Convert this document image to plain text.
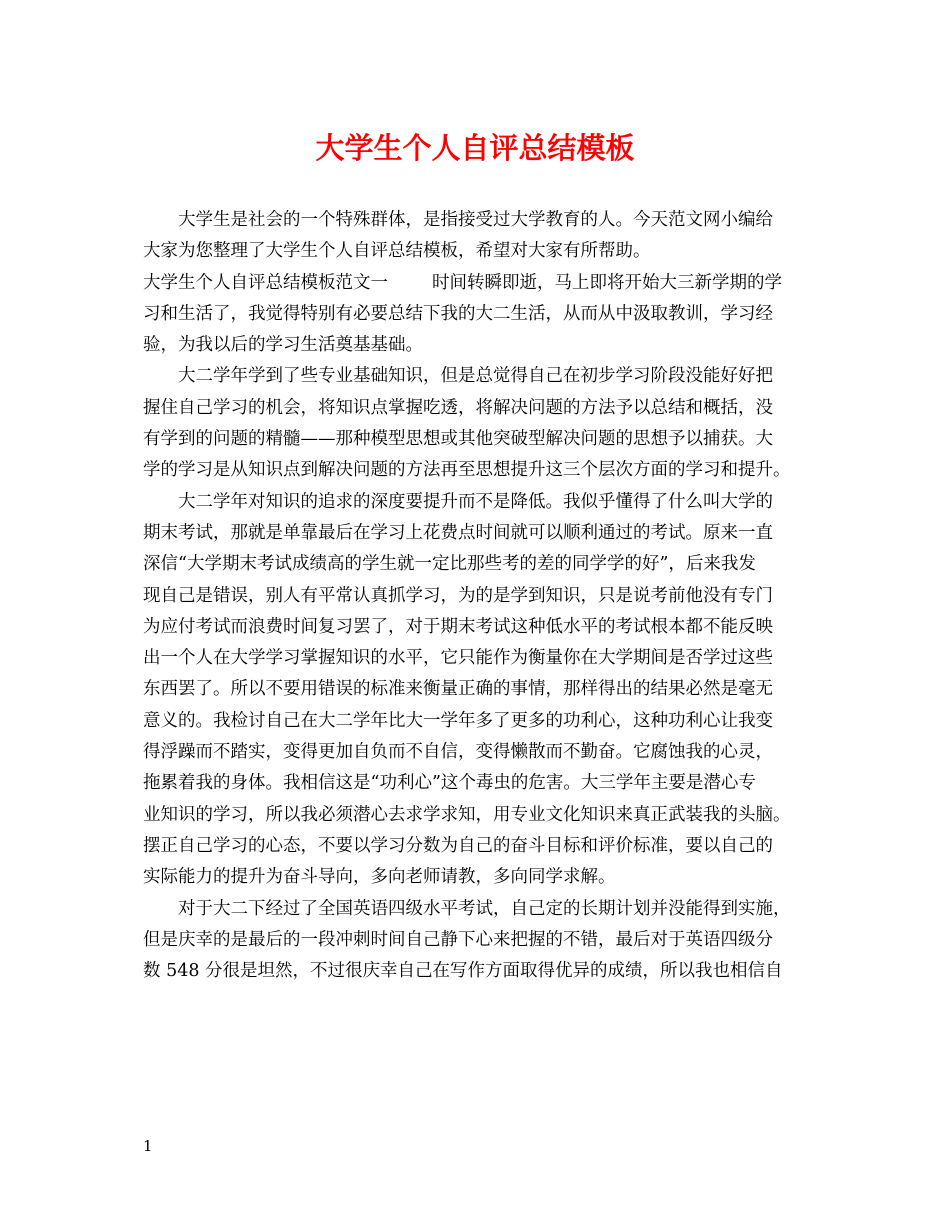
大学生个人自评总结模板
大学生是社会的一个特殊群体，是指接受过大学教育的人。今天范文网小编给
大家为您整理了大学生个人自评总结模板，希望对大家有所帮助。
大学生个人自评总结模板范文一	时间转瞬即逝，马上即将开始大三新学期的学
习和生活了，我觉得特别有必要总结下我的大二生活，从而从中汲取教训，学习经
验，为我以后的学习生活奠基基础。
大二学年学到了些专业基础知识，但是总觉得自己在初步学习阶段没能好好把
握住自己学习的机会，将知识点掌握吃透，将解决问题的方法予以总结和概括，没
有学到的问题的精髓——那种模型思想或其他突破型解决问题的思想予以捕获。大
学的学习是从知识点到解决问题的方法再至思想提升这三个层次方面的学习和提升。
大二学年对知识的追求的深度要提升而不是降低。我似乎懂得了什么叫大学的
期末考试，那就是单靠最后在学习上花费点时间就可以顺利通过的考试。原来一直
深信“大学期末考试成绩高的学生就一定比那些考的差的同学学的好”，后来我发
现自己是错误，别人有平常认真抓学习，为的是学到知识，只是说考前他没有专门
为应付考试而浪费时间复习罢了，对于期末考试这种低水平的考试根本都不能反映
出一个人在大学学习掌握知识的水平，它只能作为衡量你在大学期间是否学过这些
东西罢了。所以不要用错误的标准来衡量正确的事情，那样得出的结果必然是毫无
意义的。我检讨自己在大二学年比大一学年多了更多的功利心，这种功利心让我变
得浮躁而不踏实，变得更加自负而不自信，变得懒散而不勤奋。它腐蚀我的心灵，
拖累着我的身体。我相信这是“功利心”这个毒虫的危害。大三学年主要是潜心专
业知识的学习，所以我必须潜心去求学求知，用专业文化知识来真正武装我的头脑。
摆正自己学习的心态，不要以学习分数为自己的奋斗目标和评价标准，要以自己的
实际能力的提升为奋斗导向，多向老师请教，多向同学求解。
对于大二下经过了全国英语四级水平考试，自己定的长期计划并没能得到实施，
但是庆幸的是最后的一段冲刺时间自己静下心来把握的不错，最后对于英语四级分
数 548 分很是坦然，不过很庆幸自己在写作方面取得优异的成绩，所以我也相信自
1
